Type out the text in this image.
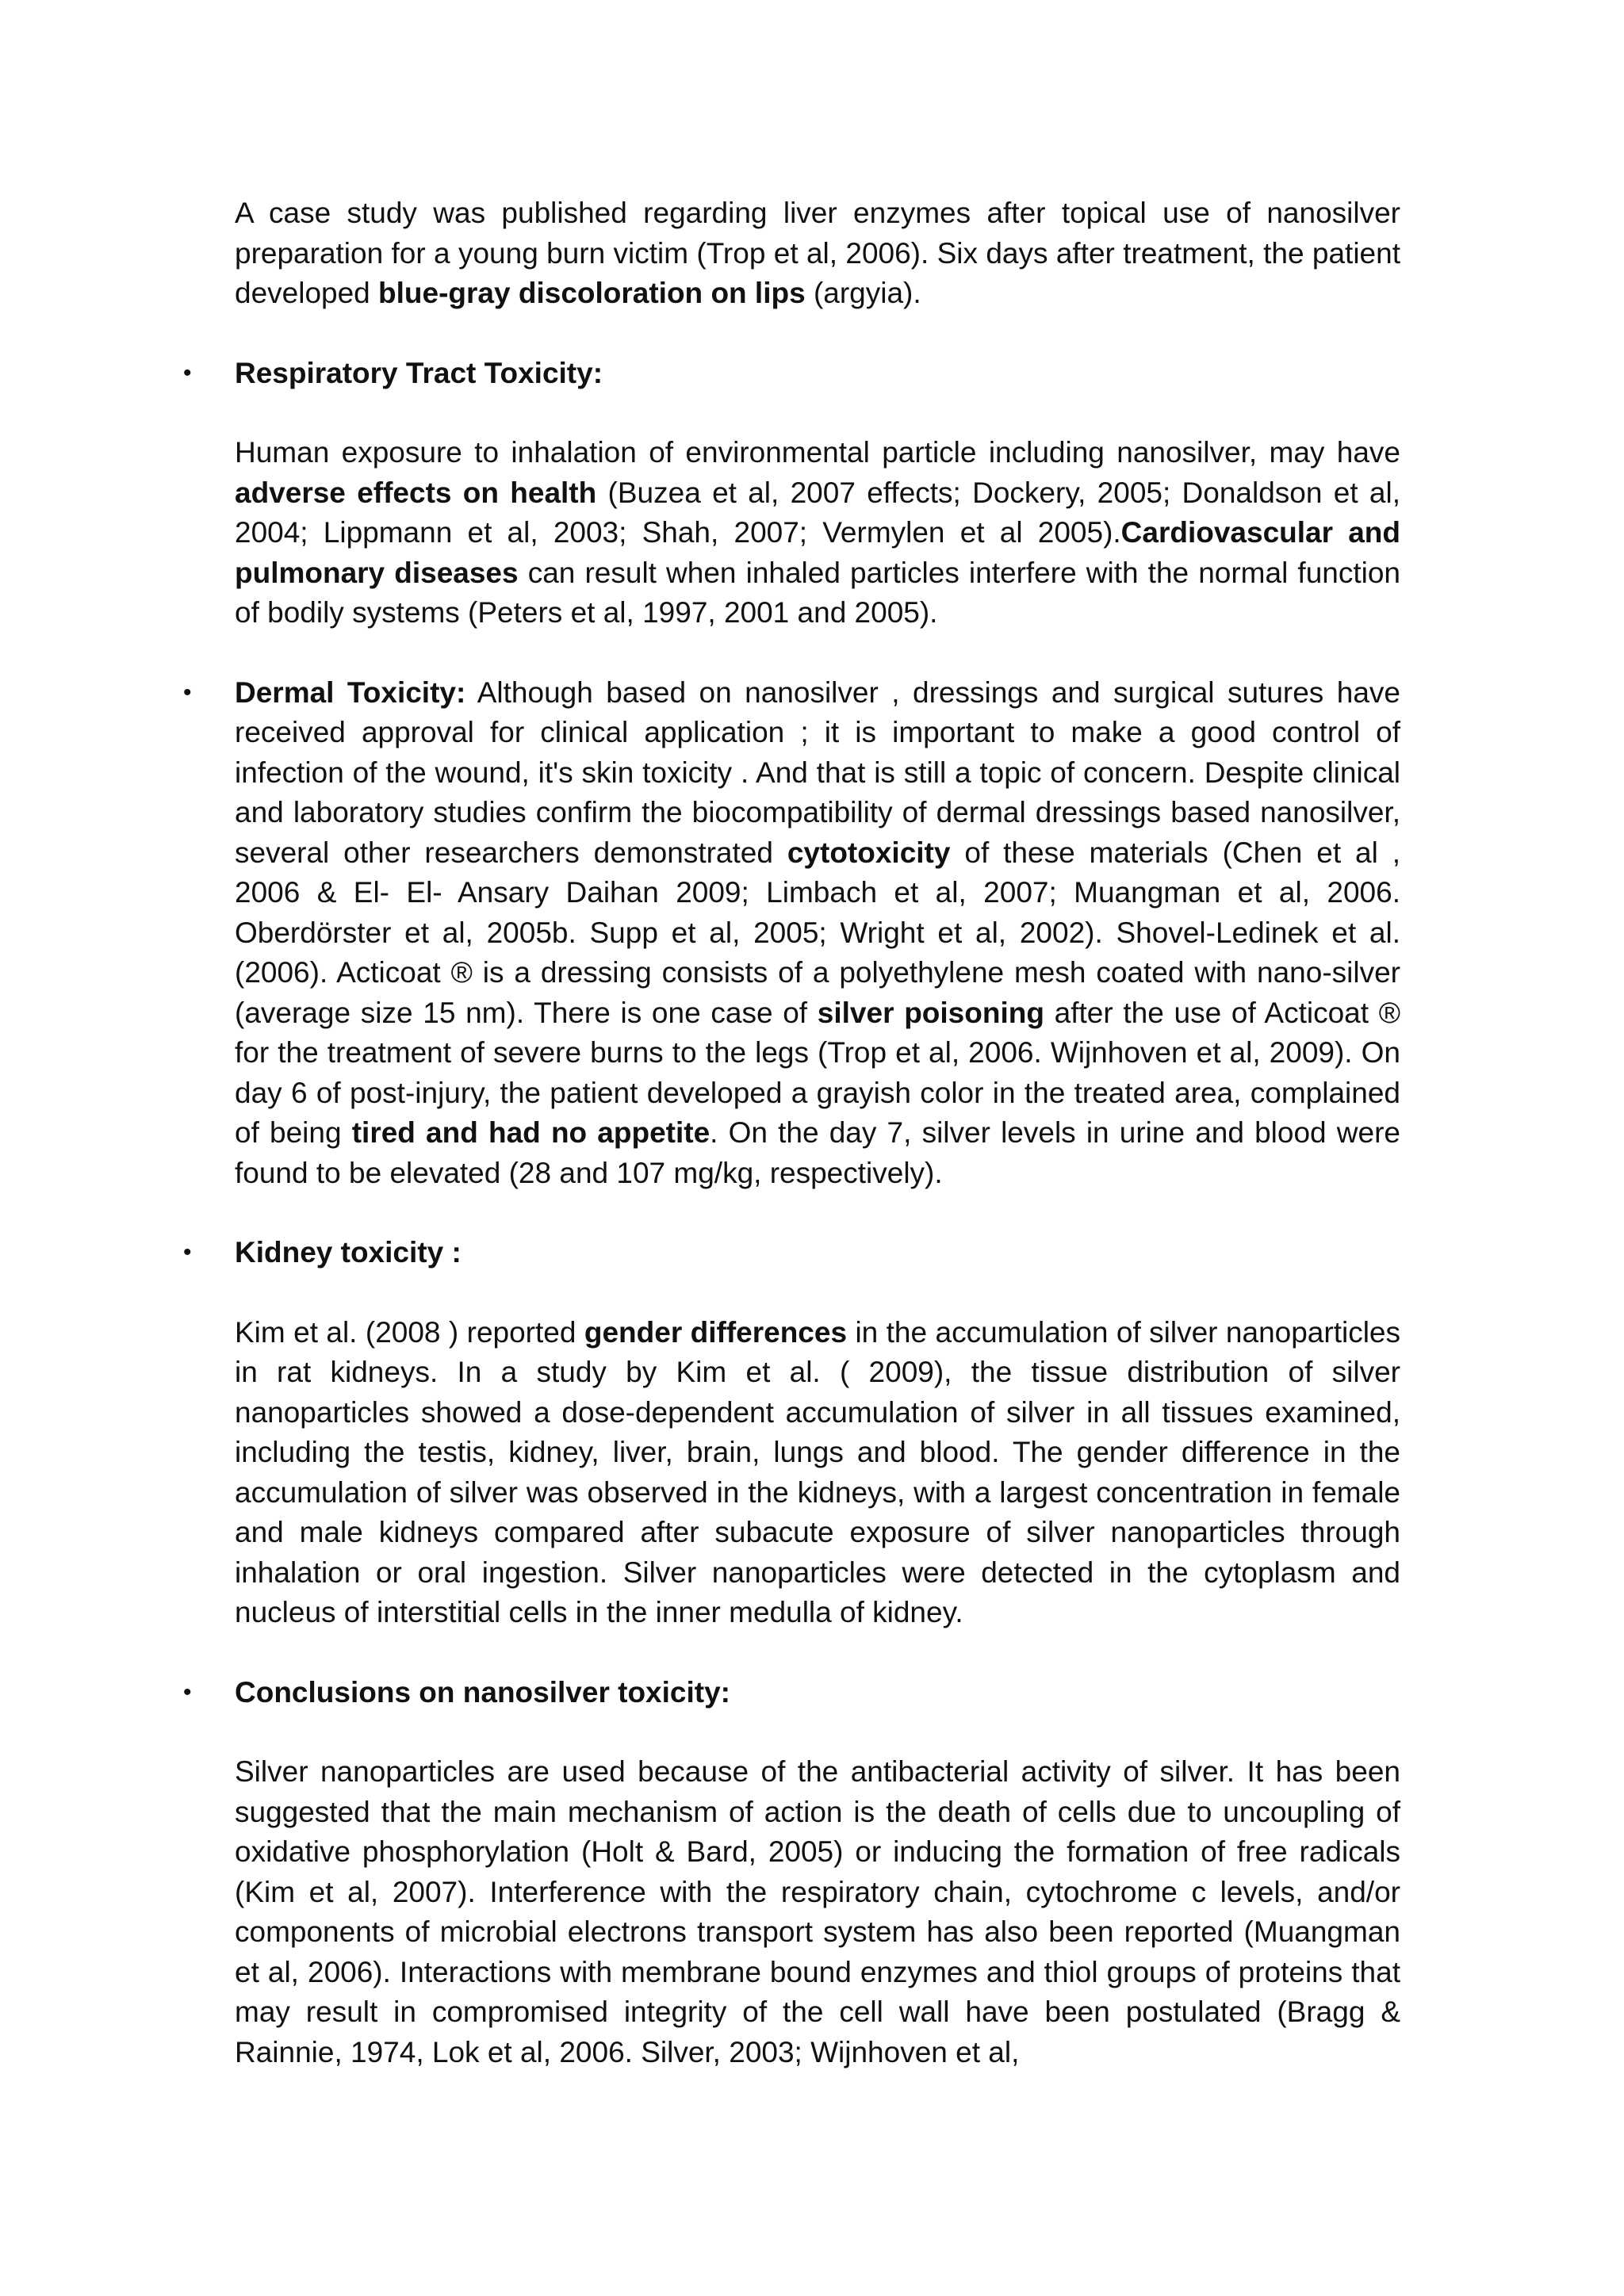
A case study was published regarding liver enzymes after topical use of nanosilver preparation for a young burn victim (Trop et al, 2006). Six days after treatment, the patient developed blue-gray discoloration on lips (argyia).

• Respiratory Tract Toxicity:

Human exposure to inhalation of environmental particle including nanosilver, may have adverse effects on health (Buzea et al, 2007 effects; Dockery, 2005; Donaldson et al, 2004; Lippmann et al, 2003; Shah, 2007; Vermylen et al 2005).Cardiovascular and pulmonary diseases can result when inhaled particles interfere with the normal function of bodily systems (Peters et al, 1997, 2001 and 2005).

• Dermal Toxicity: Although based on nanosilver , dressings and surgical sutures have received approval for clinical application ; it is important to make a good control of infection of the wound, it's skin toxicity . And that is still a topic of concern. Despite clinical and laboratory studies confirm the biocompatibility of dermal dressings based nanosilver, several other researchers demonstrated cytotoxicity of these materials (Chen et al , 2006 & El- El- Ansary Daihan 2009; Limbach et al, 2007; Muangman et al, 2006. Oberdörster et al, 2005b. Supp et al, 2005; Wright et al, 2002). Shovel-Ledinek et al. (2006). Acticoat ® is a dressing consists of a polyethylene mesh coated with nano-silver (average size 15 nm). There is one case of silver poisoning after the use of Acticoat ® for the treatment of severe burns to the legs (Trop et al, 2006. Wijnhoven et al, 2009). On day 6 of post-injury, the patient developed a grayish color in the treated area, complained of being tired and had no appetite. On the day 7, silver levels in urine and blood were found to be elevated (28 and 107 mg/kg, respectively).

• Kidney toxicity :

Kim et al. (2008 ) reported gender differences in the accumulation of silver nanoparticles in rat kidneys. In a study by Kim et al. ( 2009), the tissue distribution of silver nanoparticles showed a dose-dependent accumulation of silver in all tissues examined, including the testis, kidney, liver, brain, lungs and blood. The gender difference in the accumulation of silver was observed in the kidneys, with a largest concentration in female and male kidneys compared after subacute exposure of silver nanoparticles through inhalation or oral ingestion. Silver nanoparticles were detected in the cytoplasm and nucleus of interstitial cells in the inner medulla of kidney.

• Conclusions on nanosilver toxicity:

Silver nanoparticles are used because of the antibacterial activity of silver. It has been suggested that the main mechanism of action is the death of cells due to uncoupling of oxidative phosphorylation (Holt & Bard, 2005) or inducing the formation of free radicals (Kim et al, 2007). Interference with the respiratory chain, cytochrome c levels, and/or components of microbial electrons transport system has also been reported (Muangman et al, 2006). Interactions with membrane bound enzymes and thiol groups of proteins that may result in compromised integrity of the cell wall have been postulated (Bragg & Rainnie, 1974, Lok et al, 2006. Silver, 2003; Wijnhoven et al,
